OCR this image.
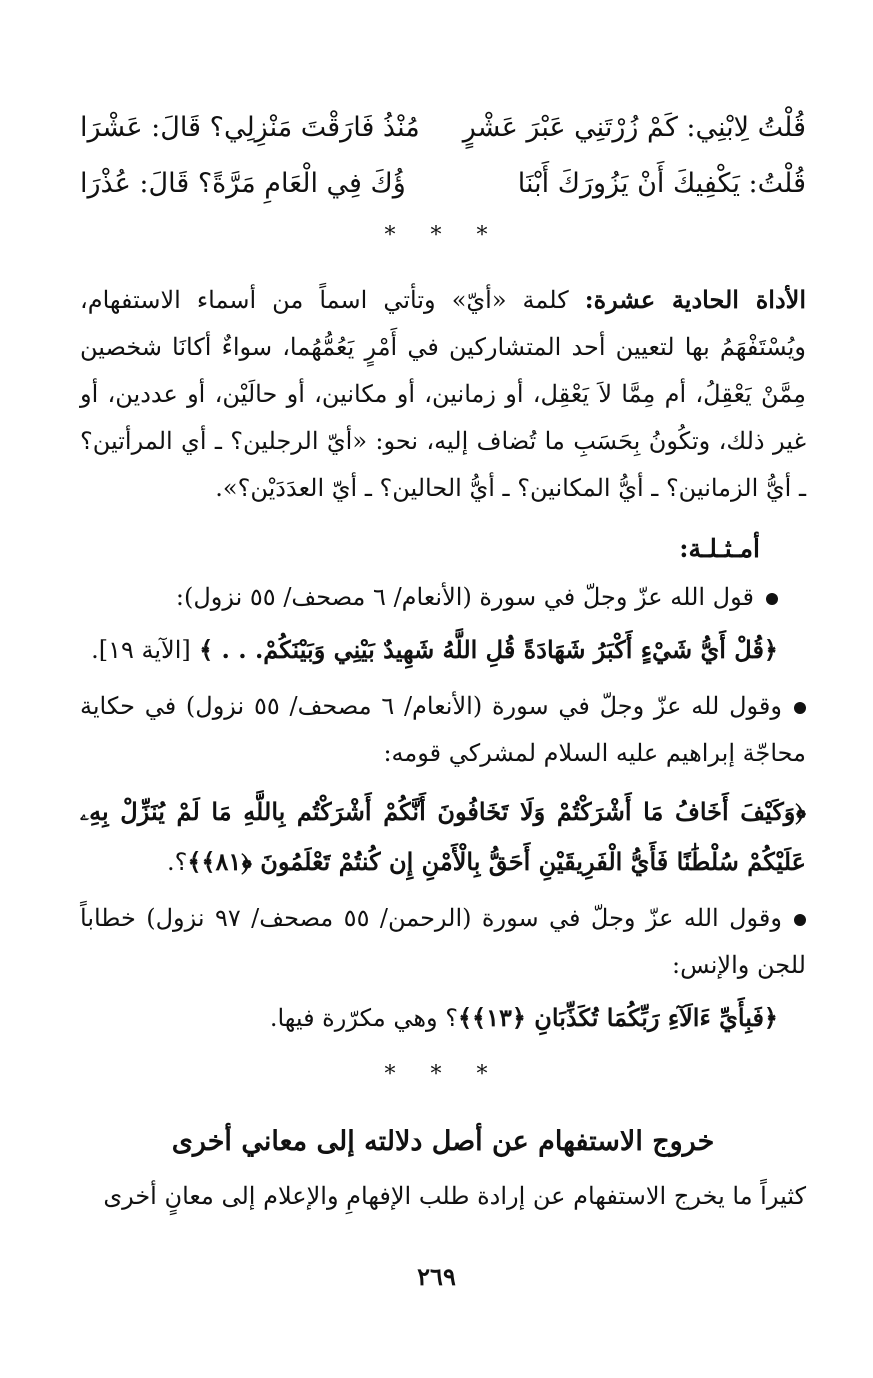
قُلْتُ لِابْنِي: كَمْ زُرْتَنِي عَبْرَ عَشْرٍ
مُنْذُ فَارَقْتَ مَنْزِلِي؟ قَالَ: عَشْرَا
قُلْتُ: يَكْفِيكَ أَنْ يَزُورَكَ أَبْنَا
ؤُكَ فِي الْعَامِ مَرَّةً؟ قَالَ: عُذْرَا
* * *

الأداة الحادية عشرة: كلمة «أيّ» وتأتي اسماً من أسماء الاستفهام، ويُسْتَفْهَمُ بها لتعيين أحد المتشاركين في أَمْرٍ يَعُمُّهُما، سواءٌ أكانَا شخصين مِمَّنْ يَعْقِلُ، أم مِمَّا لاَ يَعْقِل، أو زمانين، أو مكانين، أو حالَيْن، أو عددين، أو غير ذلك، وتكُونُ بِحَسَبِ ما تُضاف إليه، نحو: «أيّ الرجلين؟ ـ أي المرأتين؟ ـ أيُّ الزمانين؟ ـ أيُّ المكانين؟ ـ أيُّ الحالين؟ ـ أيّ العدَدَيْن؟».

أمـثـلـة:
قول الله عزّ وجلّ في سورة (الأنعام/ ٦ مصحف/ ٥٥ نزول):
﴿قُلْ أَيُّ شَيْءٍ أَكْبَرُ شَهَادَةً قُلِ اللَّهُ شَهِيدٌ بَيْنِي وَبَيْنَكُمْ. . . ﴾ [الآية ١٩].
وقول لله عزّ وجلّ في سورة (الأنعام/ ٦ مصحف/ ٥٥ نزول) في حكاية محاجّة إبراهيم عليه السلام لمشركي قومه:
﴿وَكَيْفَ أَخَافُ مَا أَشْرَكْتُمْ وَلَا تَخَافُونَ أَنَّكُمْ أَشْرَكْتُم بِاللَّهِ مَا لَمْ يُنَزِّلْ بِهِۦ عَلَيْكُمْ سُلْطَٰنًا فَأَيُّ الْفَرِيقَيْنِ أَحَقُّ بِالْأَمْنِ إِن كُنتُمْ تَعْلَمُونَ ﴿٨١﴾﴾؟.
وقول الله عزّ وجلّ في سورة (الرحمن/ ٥٥ مصحف/ ٩٧ نزول) خطاباً للجن والإنس:
﴿فَبِأَيِّ ءَالَآءِ رَبِّكُمَا تُكَذِّبَانِ ﴿١٣﴾﴾؟ وهي مكرّرة فيها.
* * *
خروج الاستفهام عن أصل دلالته إلى معاني أخرى

كثيراً ما يخرج الاستفهام عن إرادة طلب الإفهامِ والإعلام إلى معانٍ أخرى

٢٦٩
